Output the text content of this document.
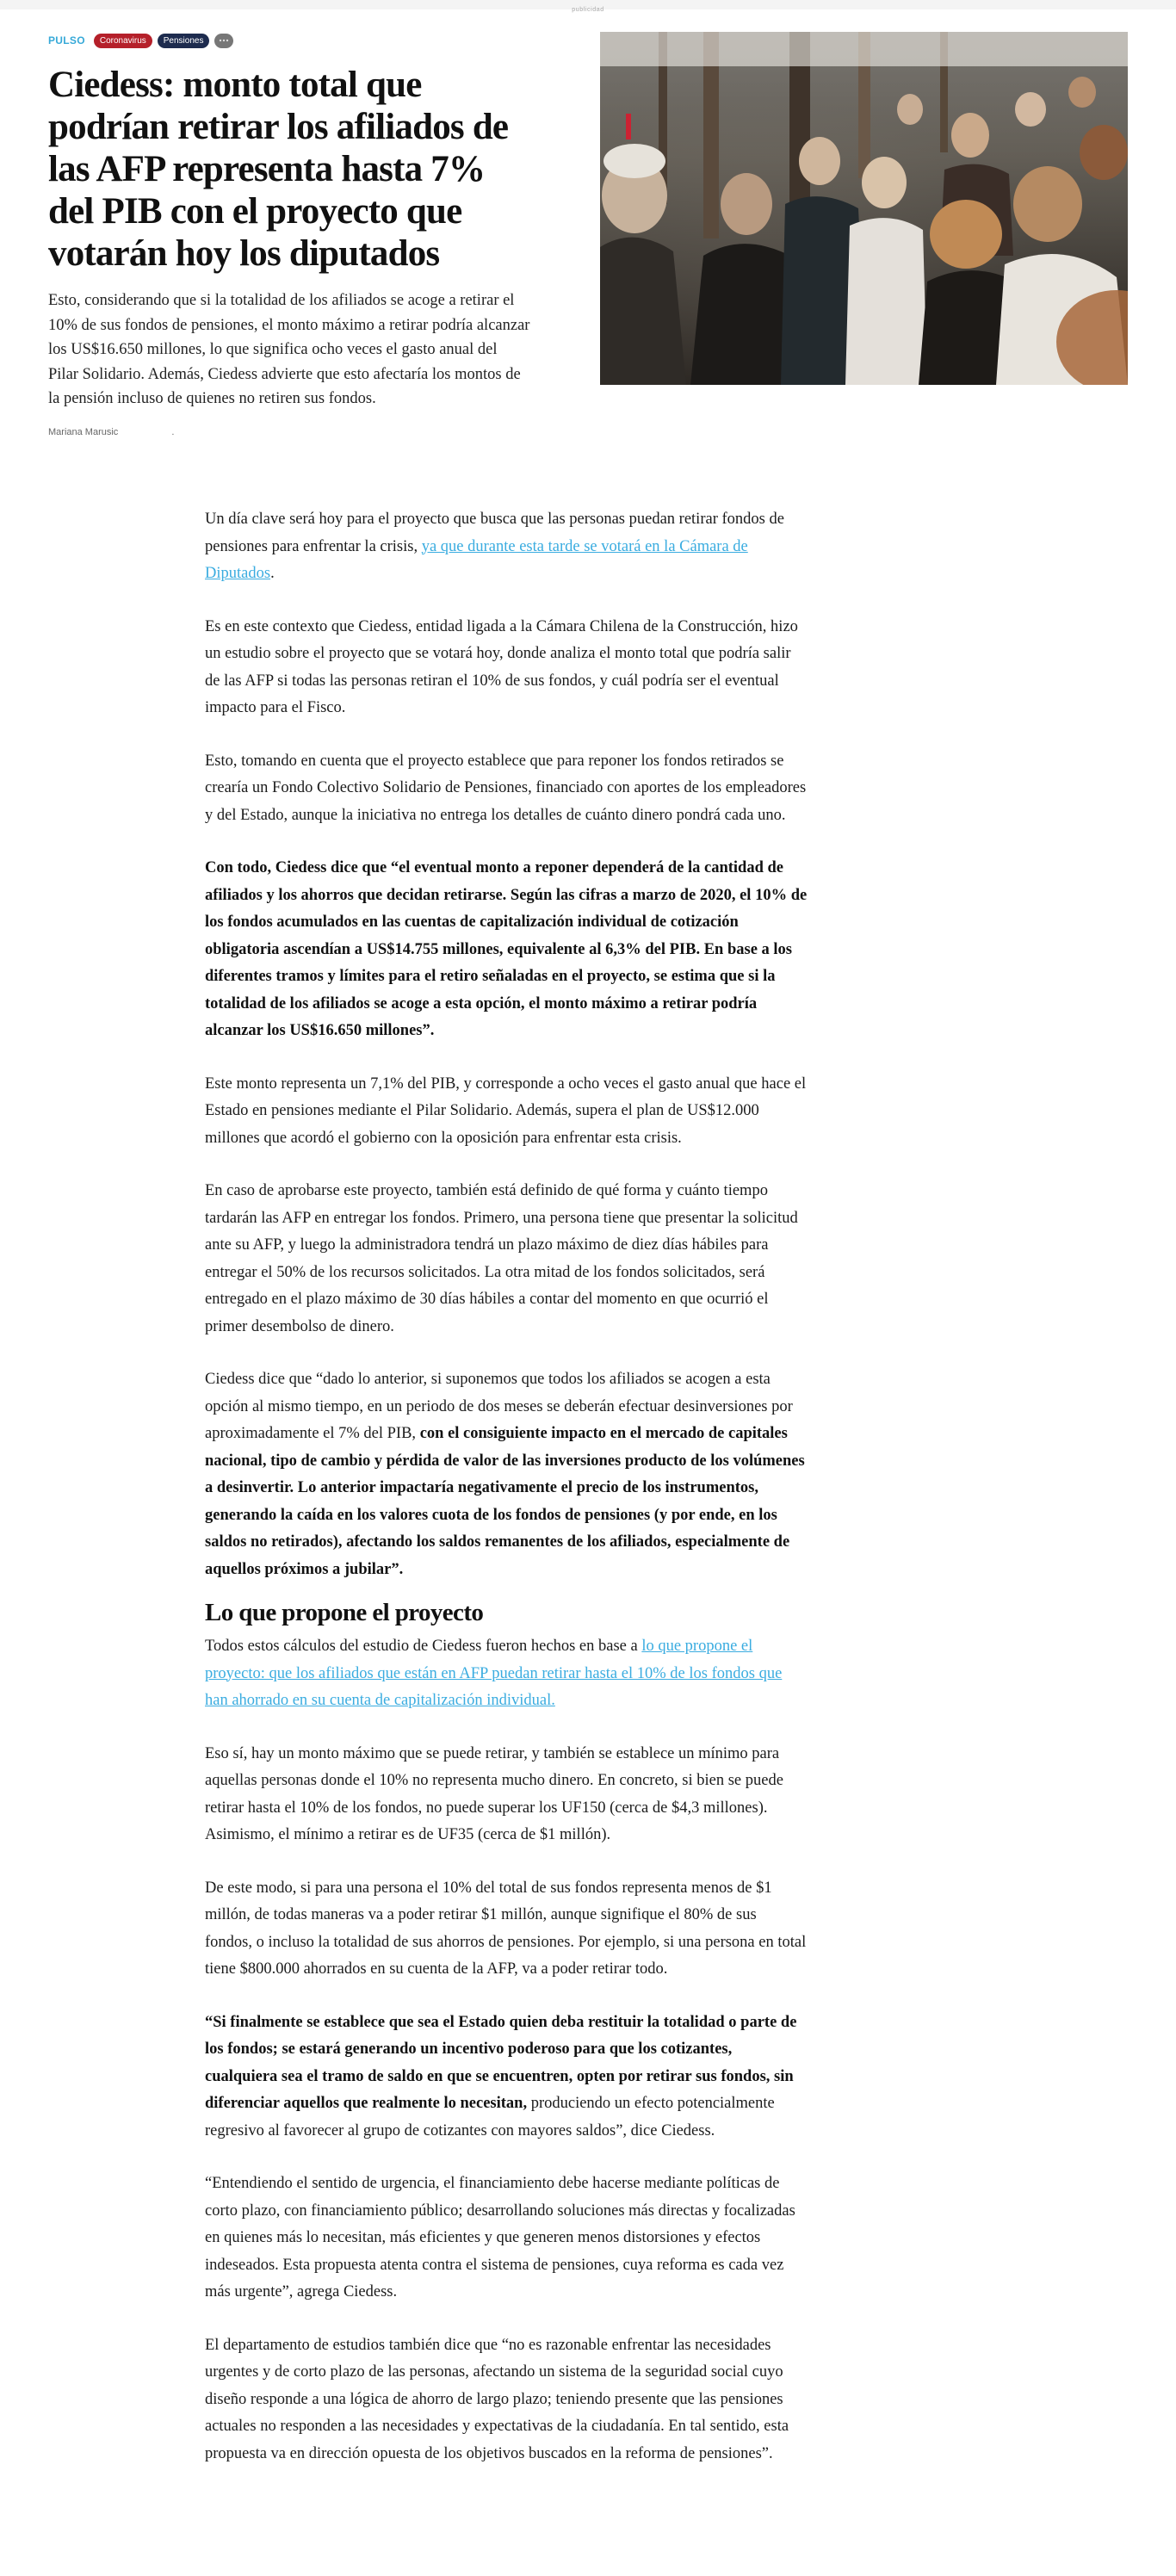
publicidad
PULSO	Coronavirus	Pensiones
Ciedess: monto total que podrían retirar los afiliados de las AFP representa hasta 7% del PIB con el proyecto que votarán hoy los diputados

Esto, considerando que si la totalidad de los afiliados se acoge a retirar el 10% de sus fondos de pensiones, el monto máximo a retirar podría alcanzar los US$16.650 millones, lo que significa ocho veces el gasto anual del Pilar Solidario. Además, Ciedess advierte que esto afectaría los montos de la pensión incluso de quienes no retiren sus fondos.

Mariana Marusic	.

Un día clave será hoy para el proyecto que busca que las personas puedan retirar fondos de pensiones para enfrentar la crisis, ya que durante esta tarde se votará en la Cámara de Diputados.

Es en este contexto que Ciedess, entidad ligada a la Cámara Chilena de la Construcción, hizo un estudio sobre el proyecto que se votará hoy, donde analiza el monto total que podría salir de las AFP si todas las personas retiran el 10% de sus fondos, y cuál podría ser el eventual impacto para el Fisco.

Esto, tomando en cuenta que el proyecto establece que para reponer los fondos retirados se crearía un Fondo Colectivo Solidario de Pensiones, financiado con aportes de los empleadores y del Estado, aunque la iniciativa no entrega los detalles de cuánto dinero pondrá cada uno.

Con todo, Ciedess dice que “el eventual monto a reponer dependerá de la cantidad de afiliados y los ahorros que decidan retirarse. Según las cifras a marzo de 2020, el 10% de los fondos acumulados en las cuentas de capitalización individual de cotización obligatoria ascendían a US$14.755 millones, equivalente al 6,3% del PIB. En base a los diferentes tramos y límites para el retiro señaladas en el proyecto, se estima que si la totalidad de los afiliados se acoge a esta opción, el monto máximo a retirar podría alcanzar los US$16.650 millones”.

Este monto representa un 7,1% del PIB, y corresponde a ocho veces el gasto anual que hace el Estado en pensiones mediante el Pilar Solidario. Además, supera el plan de US$12.000 millones que acordó el gobierno con la oposición para enfrentar esta crisis.

En caso de aprobarse este proyecto, también está definido de qué forma y cuánto tiempo tardarán las AFP en entregar los fondos. Primero, una persona tiene que presentar la solicitud ante su AFP, y luego la administradora tendrá un plazo máximo de diez días hábiles para entregar el 50% de los recursos solicitados. La otra mitad de los fondos solicitados, será entregado en el plazo máximo de 30 días hábiles a contar del momento en que ocurrió el primer desembolso de dinero.

Ciedess dice que “dado lo anterior, si suponemos que todos los afiliados se acogen a esta opción al mismo tiempo, en un periodo de dos meses se deberán efectuar desinversiones por aproximadamente el 7% del PIB, con el consiguiente impacto en el mercado de capitales nacional, tipo de cambio y pérdida de valor de las inversiones producto de los volúmenes a desinvertir. Lo anterior impactaría negativamente el precio de los instrumentos, generando la caída en los valores cuota de los fondos de pensiones (y por ende, en los saldos no retirados), afectando los saldos remanentes de los afiliados, especialmente de aquellos próximos a jubilar”.

Lo que propone el proyecto

Todos estos cálculos del estudio de Ciedess fueron hechos en base a lo que propone el proyecto: que los afiliados que están en AFP puedan retirar hasta el 10% de los fondos que han ahorrado en su cuenta de capitalización individual.

Eso sí, hay un monto máximo que se puede retirar, y también se establece un mínimo para aquellas personas donde el 10% no representa mucho dinero. En concreto, si bien se puede retirar hasta el 10% de los fondos, no puede superar los UF150 (cerca de $4,3 millones). Asimismo, el mínimo a retirar es de UF35 (cerca de $1 millón).

De este modo, si para una persona el 10% del total de sus fondos representa menos de $1 millón, de todas maneras va a poder retirar $1 millón, aunque signifique el 80% de sus fondos, o incluso la totalidad de sus ahorros de pensiones. Por ejemplo, si una persona en total tiene $800.000 ahorrados en su cuenta de la AFP, va a poder retirar todo.

“Si finalmente se establece que sea el Estado quien deba restituir la totalidad o parte de los fondos; se estará generando un incentivo poderoso para que los cotizantes, cualquiera sea el tramo de saldo en que se encuentren, opten por retirar sus fondos, sin diferenciar aquellos que realmente lo necesitan, produciendo un efecto potencialmente regresivo al favorecer al grupo de cotizantes con mayores saldos”, dice Ciedess.

“Entendiendo el sentido de urgencia, el financiamiento debe hacerse mediante políticas de corto plazo, con financiamiento público; desarrollando soluciones más directas y focalizadas en quienes más lo necesitan, más eficientes y que generen menos distorsiones y efectos indeseados. Esta propuesta atenta contra el sistema de pensiones, cuya reforma es cada vez más urgente”, agrega Ciedess.

El departamento de estudios también dice que “no es razonable enfrentar las necesidades urgentes y de corto plazo de las personas, afectando un sistema de la seguridad social cuyo diseño responde a una lógica de ahorro de largo plazo; teniendo presente que las pensiones actuales no responden a las necesidades y expectativas de la ciudadanía. En tal sentido, esta propuesta va en dirección opuesta de los objetivos buscados en la reforma de pensiones”.
